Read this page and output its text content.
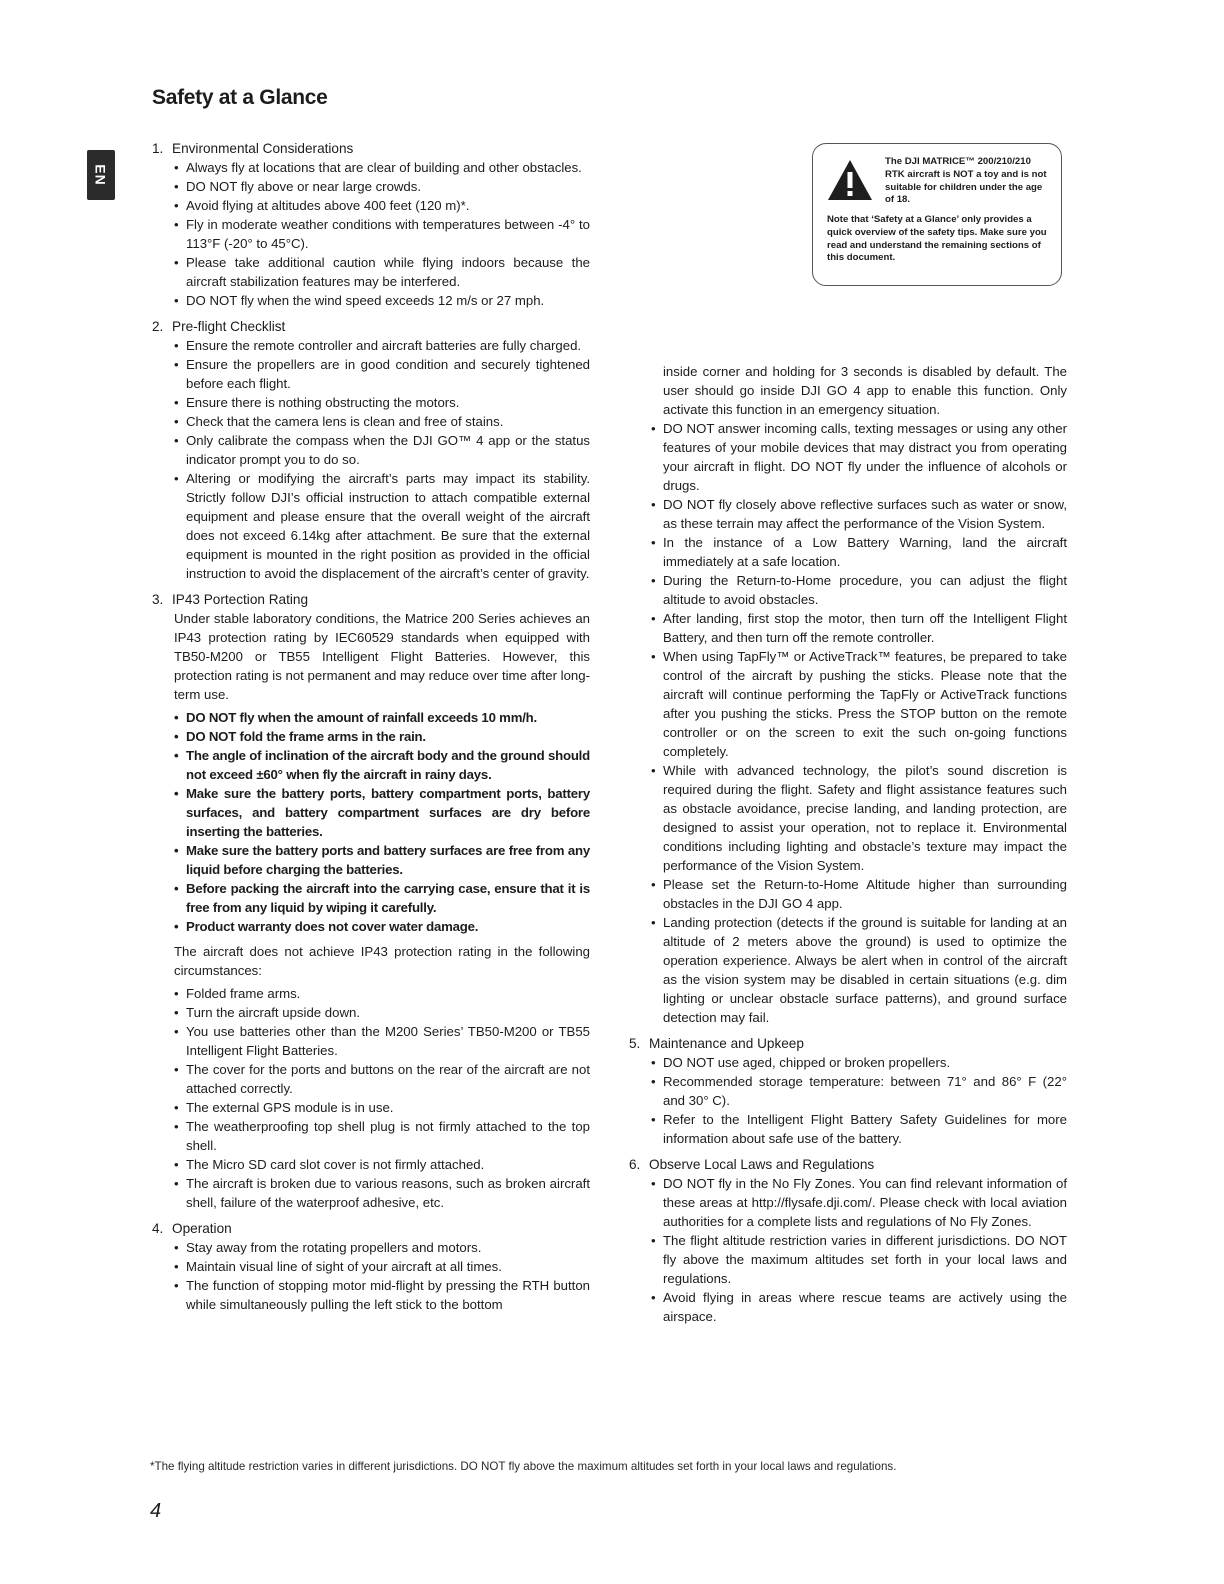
Safety at a Glance
EN
1. Environmental Considerations
• Always fly at locations that are clear of building and other obstacles.
• DO NOT fly above or near large crowds.
• Avoid flying at altitudes above 400 feet (120 m)*.
• Fly in moderate weather conditions with temperatures between -4° to 113°F (-20° to 45°C).
• Please take additional caution while flying indoors because the aircraft stabilization features may be interfered.
• DO NOT fly when the wind speed exceeds 12 m/s or 27 mph.
2. Pre-flight Checklist
• Ensure the remote controller and aircraft batteries are fully charged.
• Ensure the propellers are in good condition and securely tightened before each flight.
• Ensure there is nothing obstructing the motors.
• Check that the camera lens is clean and free of stains.
• Only calibrate the compass when the DJI GO™ 4 app or the status indicator prompt you to do so.
• Altering or modifying the aircraft’s parts may impact its stability. Strictly follow DJI’s official instruction to attach compatible external equipment and please ensure that the overall weight of the aircraft does not exceed 6.14kg after attachment. Be sure that the external equipment is mounted in the right position as provided in the official instruction to avoid the displacement of the aircraft’s center of gravity.
3. IP43 Portection Rating

Under stable laboratory conditions, the Matrice 200 Series achieves an IP43 protection rating by IEC60529 standards when equipped with TB50-M200 or TB55 Intelligent Flight Batteries. However, this protection rating is not permanent and may reduce over time after long-term use.

• DO NOT fly when the amount of rainfall exceeds 10 mm/h.
• DO NOT fold the frame arms in the rain.
• The angle of inclination of the aircraft body and the ground should not exceed ±60° when fly the aircraft in rainy days.
• Make sure the battery ports, battery compartment ports, battery surfaces, and battery compartment surfaces are dry before inserting the batteries.
• Make sure the battery ports and battery surfaces are free from any liquid before charging the batteries.
• Before packing the aircraft into the carrying case, ensure that it is free from any liquid by wiping it carefully.
• Product warranty does not cover water damage.

The aircraft does not achieve IP43 protection rating in the following circumstances:

• Folded frame arms.
• Turn the aircraft upside down.
• You use batteries other than the M200 Series’ TB50-M200 or TB55 Intelligent Flight Batteries.
• The cover for the ports and buttons on the rear of the aircraft are not attached correctly.
• The external GPS module is in use.
• The weatherproofing top shell plug is not firmly attached to the top shell.
• The Micro SD card slot cover is not firmly attached.
• The aircraft is broken due to various reasons, such as broken aircraft shell, failure of the waterproof adhesive, etc.
4. Operation
• Stay away from the rotating propellers and motors.
• Maintain visual line of sight of your aircraft at all times.
• The function of stopping motor mid-flight by pressing the RTH button while simultaneously pulling the left stick to the bottom
The DJI MATRICE™ 200/210/210 RTK aircraft is NOT a toy and is not suitable for children under the age of 18.
Note that ‘Safety at a Glance’ only provides a quick overview of the safety tips. Make sure you read and understand the remaining sections of this document.

inside corner and holding for 3 seconds is disabled by default. The user should go inside DJI GO 4 app to enable this function. Only activate this function in an emergency situation.

• DO NOT answer incoming calls, texting messages or using any other features of your mobile devices that may distract you from operating your aircraft in flight. DO NOT fly under the influence of alcohols or drugs.
• DO NOT fly closely above reflective surfaces such as water or snow, as these terrain may affect the performance of the Vision System.
• In the instance of a Low Battery Warning, land the aircraft immediately at a safe location.
• During the Return-to-Home procedure, you can adjust the flight altitude to avoid obstacles.
• After landing, first stop the motor, then turn off the Intelligent Flight Battery, and then turn off the remote controller.
• When using TapFly™ or ActiveTrack™ features, be prepared to take control of the aircraft by pushing the sticks. Please note that the aircraft will continue performing the TapFly or ActiveTrack functions after you pushing the sticks. Press the STOP button on the remote controller or on the screen to exit the such on-going functions completely.
• While with advanced technology, the pilot’s sound discretion is required during the flight. Safety and flight assistance features such as obstacle avoidance, precise landing, and landing protection, are designed to assist your operation, not to replace it. Environmental conditions including lighting and obstacle’s texture may impact the performance of the Vision System.
• Please set the Return-to-Home Altitude higher than surrounding obstacles in the DJI GO 4 app.
• Landing protection (detects if the ground is suitable for landing at an altitude of 2 meters above the ground) is used to optimize the operation experience. Always be alert when in control of the aircraft as the vision system may be disabled in certain situations (e.g. dim lighting or unclear obstacle surface patterns), and ground surface detection may fail.
5. Maintenance and Upkeep
• DO NOT use aged, chipped or broken propellers.
• Recommended storage temperature: between 71° and 86° F (22° and 30° C).
• Refer to the Intelligent Flight Battery Safety Guidelines for more information about safe use of the battery.
6. Observe Local Laws and Regulations
• DO NOT fly in the No Fly Zones. You can find relevant information of these areas at http://flysafe.dji.com/. Please check with local aviation authorities for a complete lists and regulations of No Fly Zones.
• The flight altitude restriction varies in different jurisdictions. DO NOT fly above the maximum altitudes set forth in your local laws and regulations.
• Avoid flying in areas where rescue teams are actively using the airspace.
*The flying altitude restriction varies in different jurisdictions. DO NOT fly above the maximum altitudes set forth in your local laws and regulations.
4
